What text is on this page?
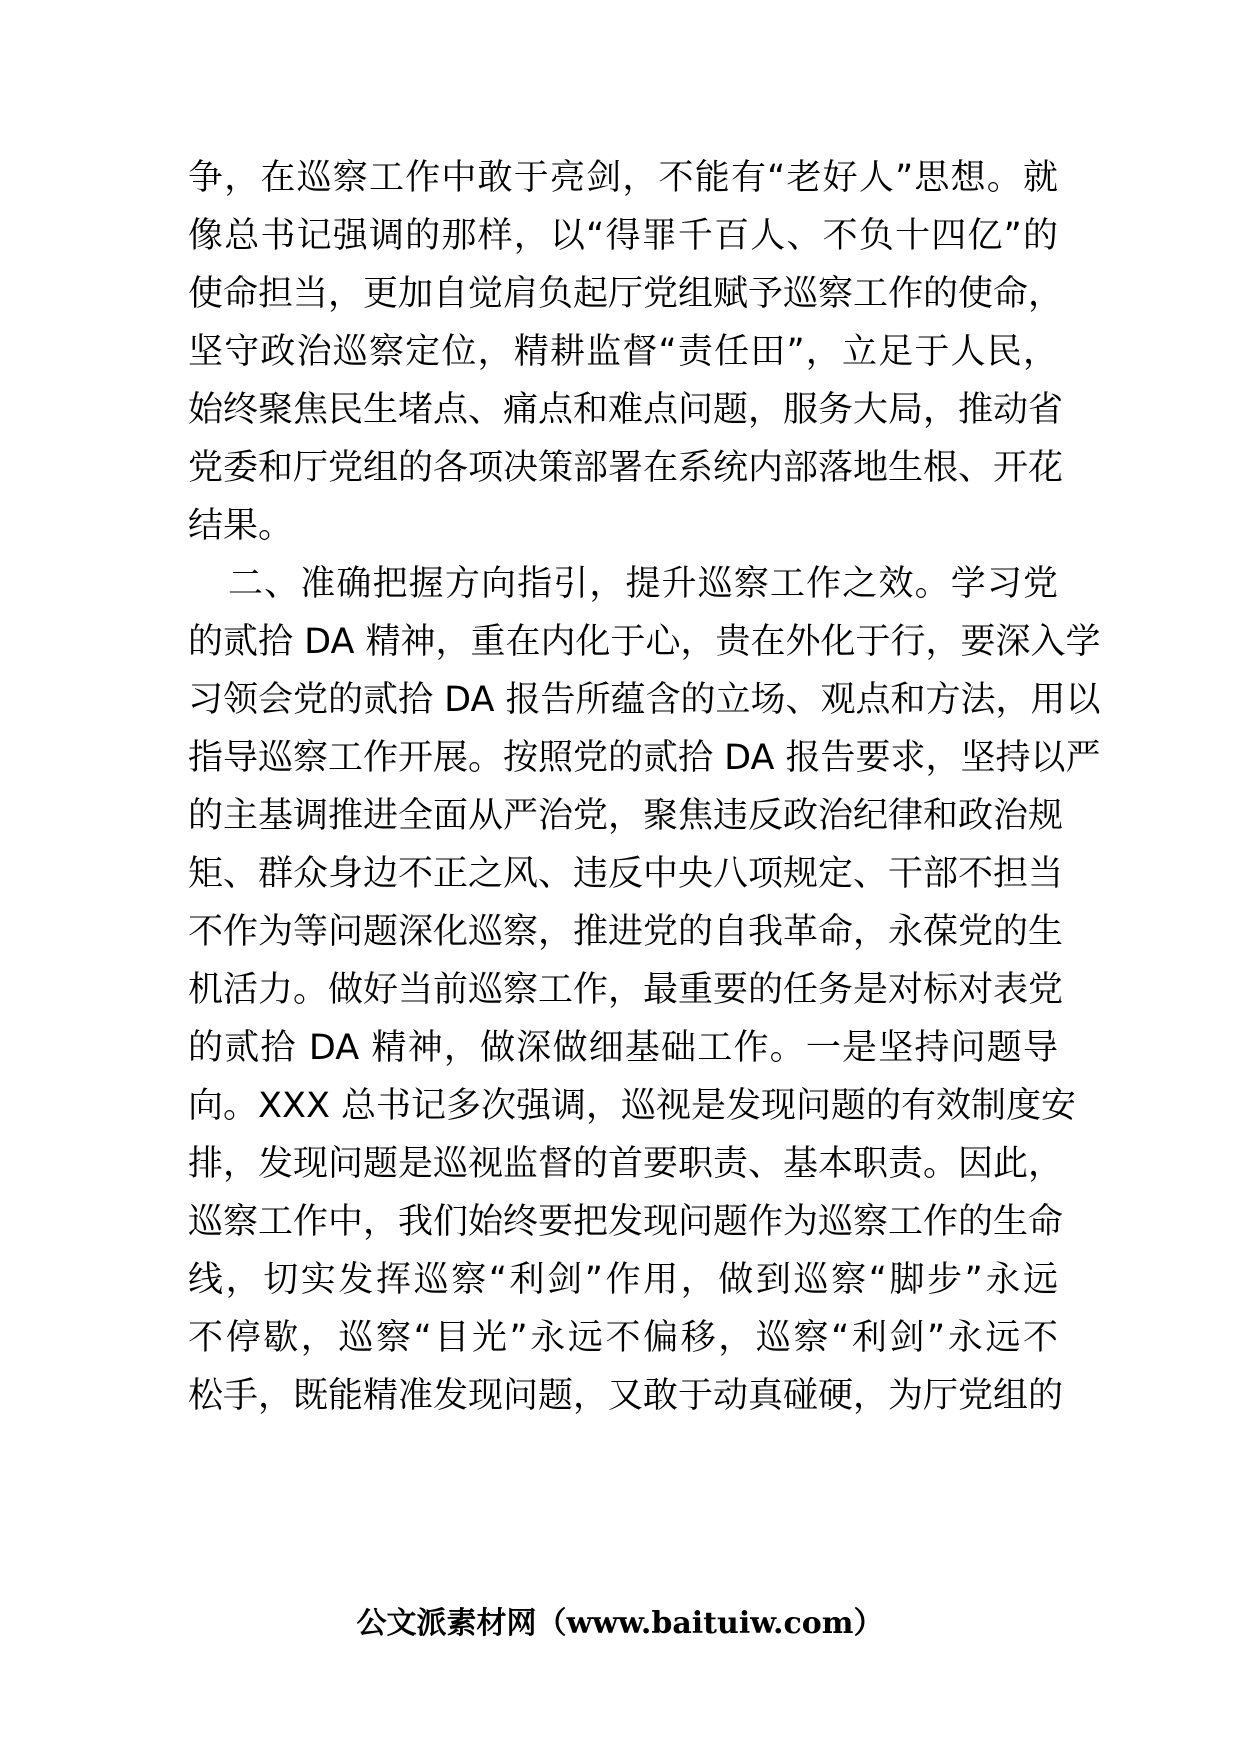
争，在巡察工作中敢于亮剑，不能有“老好人”思想。就
像总书记强调的那样，以“得罪千百人、不负十四亿”的
使命担当，更加自觉肩负起厅党组赋予巡察工作的使命，
坚守政治巡察定位，精耕监督“责任田”，立足于人民，
始终聚焦民生堵点、痛点和难点问题，服务大局，推动省
党委和厅党组的各项决策部署在系统内部落地生根、开花
结果。
二、准确把握方向指引，提升巡察工作之效。学习党
的贰拾 DA 精神，重在内化于心，贵在外化于行，要深入学
习领会党的贰拾 DA 报告所蕴含的立场、观点和方法，用以
指导巡察工作开展。按照党的贰拾 DA 报告要求，坚持以严
的主基调推进全面从严治党，聚焦违反政治纪律和政治规
矩、群众身边不正之风、违反中央八项规定、干部不担当
不作为等问题深化巡察，推进党的自我革命，永葆党的生
机活力。做好当前巡察工作，最重要的任务是对标对表党
的贰拾 DA 精神，做深做细基础工作。一是坚持问题导
向。XXX 总书记多次强调，巡视是发现问题的有效制度安
排，发现问题是巡视监督的首要职责、基本职责。因此，
巡察工作中，我们始终要把发现问题作为巡察工作的生命
线，切实发挥巡察“利剑”作用，做到巡察“脚步”永远
不停歇，巡察“目光”永远不偏移，巡察“利剑”永远不
松手，既能精准发现问题，又敢于动真碰硬，为厅党组的
公文派素材网（www.baituiw.com）
